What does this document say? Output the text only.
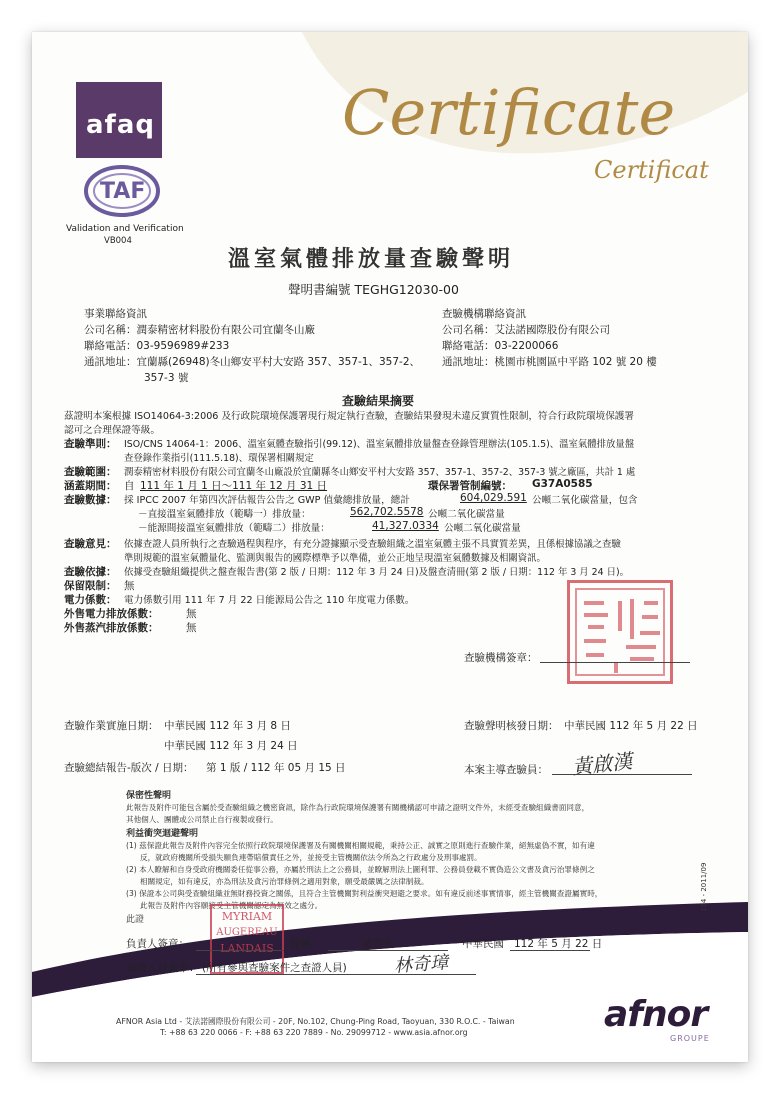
afaq
TAF
Validation and Verification
VB004
Certificate
Certificat
溫室氣體排放量查驗聲明
聲明書編號 TEGHG12030-00
事業聯絡資訊
公司名稱：潤泰精密材料股份有限公司宜蘭冬山廠
聯絡電話：03-9596989#233
通訊地址：宜蘭縣(26948)冬山鄉安平村大安路 357、357-1、357-2、
357-3 號
查驗機構聯絡資訊
公司名稱：艾法諾國際股份有限公司
聯絡電話：03-2200066
通訊地址：桃園市桃園區中平路 102 號 20 樓
查驗結果摘要
茲證明本案根據 ISO14064-3:2006 及行政院環境保護署現行規定執行查驗，查驗結果發現未違反實質性限制，符合行政院環境保護署
認可之合理保證等級。
查驗準則： ISO/CNS 14064-1：2006、溫室氣體查驗指引(99.12)、溫室氣體排放量盤查登錄管理辦法(105.1.5)、溫室氣體排放量盤
查登錄作業指引(111.5.18)、環保署相關規定
查驗範圍： 潤泰精密材料股份有限公司宜蘭冬山廠設於宜蘭縣冬山鄉安平村大安路 357、357-1、357-2、357-3 號之廠區，共計 1 處
涵蓋期間： 自 111 年 1 月 1 日～111 年 12 月 31 日	環保署管制編號： G37A0585
查驗數據： 採 IPCC 2007 年第四次評估報告公告之 GWP 值彙總排放量，總計	604,029.591 公噸二氧化碳當量，包含
－直接溫室氣體排放（範疇一）排放量：	562,702.5578 公噸二氧化碳當量
－能源間接溫室氣體排放（範疇二）排放量：	41,327.0334 公噸二氧化碳當量
查驗意見： 依據查證人員所執行之查驗過程與程序，有充分證據顯示受查驗組織之溫室氣體主張不具實質差異，且係根據協議之查驗
準則規範的溫室氣體量化、監測與報告的國際標準予以準備，並公正地呈現溫室氣體數據及相關資訊。
查驗依據： 依據受查驗組織提供之盤查報告書(第 2 版 / 日期：112 年 3 月 24 日)及盤查清冊(第 2 版 / 日期：112 年 3 月 24 日)。
保留限制： 無
電力係數： 電力係數引用 111 年 7 月 22 日能源局公告之 110 年度電力係數。
外售電力排放係數：	無
外售蒸汽排放係數：	無
查驗機構簽章：
查驗作業實施日期： 中華民國 112 年 3 月 8 日
中華民國 112 年 3 月 24 日
查驗聲明核發日期： 中華民國 112 年 5 月 22 日
查驗總結報告-版次 / 日期： 第 1 版 / 112 年 05 月 15 日	本案主導查驗員： 黃啟漢
保密性聲明
此報告及附件可能包含屬於受查驗組織之機密資訊，除作為行政院環境保護署有關機構認可申請之證明文件外，未經受查驗組織書面同意，
其他個人、團體或公司禁止自行複製或發行。
利益衝突迴避聲明
(1) 茲保證此報告及附件內容完全依照行政院環境保護署及有關機關相關規範，秉持公正、誠實之原則進行查驗作業，絕無虛偽不實，如有違
反，就政府機關所受損失願負連帶賠償責任之外，並接受主管機關依法令所為之行政處分及刑事處罰。
(2) 本人瞭解和自身受政府機關委任從事公務，亦屬於刑法上之公務員，並瞭解刑法上圖利罪、公務員登載不實偽造公文書及貪污治罪條例之
相關規定，如有違反，亦為刑法及貪污治罪條例之適用對象，願受最嚴厲之法律制裁。
(3) 保證本公司與受查驗組織並無財務投資之關係，且符合主管機關對利益衝突迴避之要求。如有違反前述事實情事，經主管機關查證屬實時，
此報告及附件內容願接受主管機關認定為無效之處分。
此證
104 - 2011/09
負責人簽章：
MYRIAM
AUGEREAU
LANDAIS	職稱：	董事長	中華民國 112 年 5 月 22 日
查證人員簽章： (所有參與查驗案件之查證人員)	林奇璋
AFNOR Asia Ltd - 艾法諾國際股份有限公司 - 20F, No.102, Chung-Ping Road, Taoyuan, 330 R.O.C. - Taiwan
T: +88 63 220 0066 - F: +88 63 220 7889 - No. 29099712 - www.asia.afnor.org	afnor
GROUPE
